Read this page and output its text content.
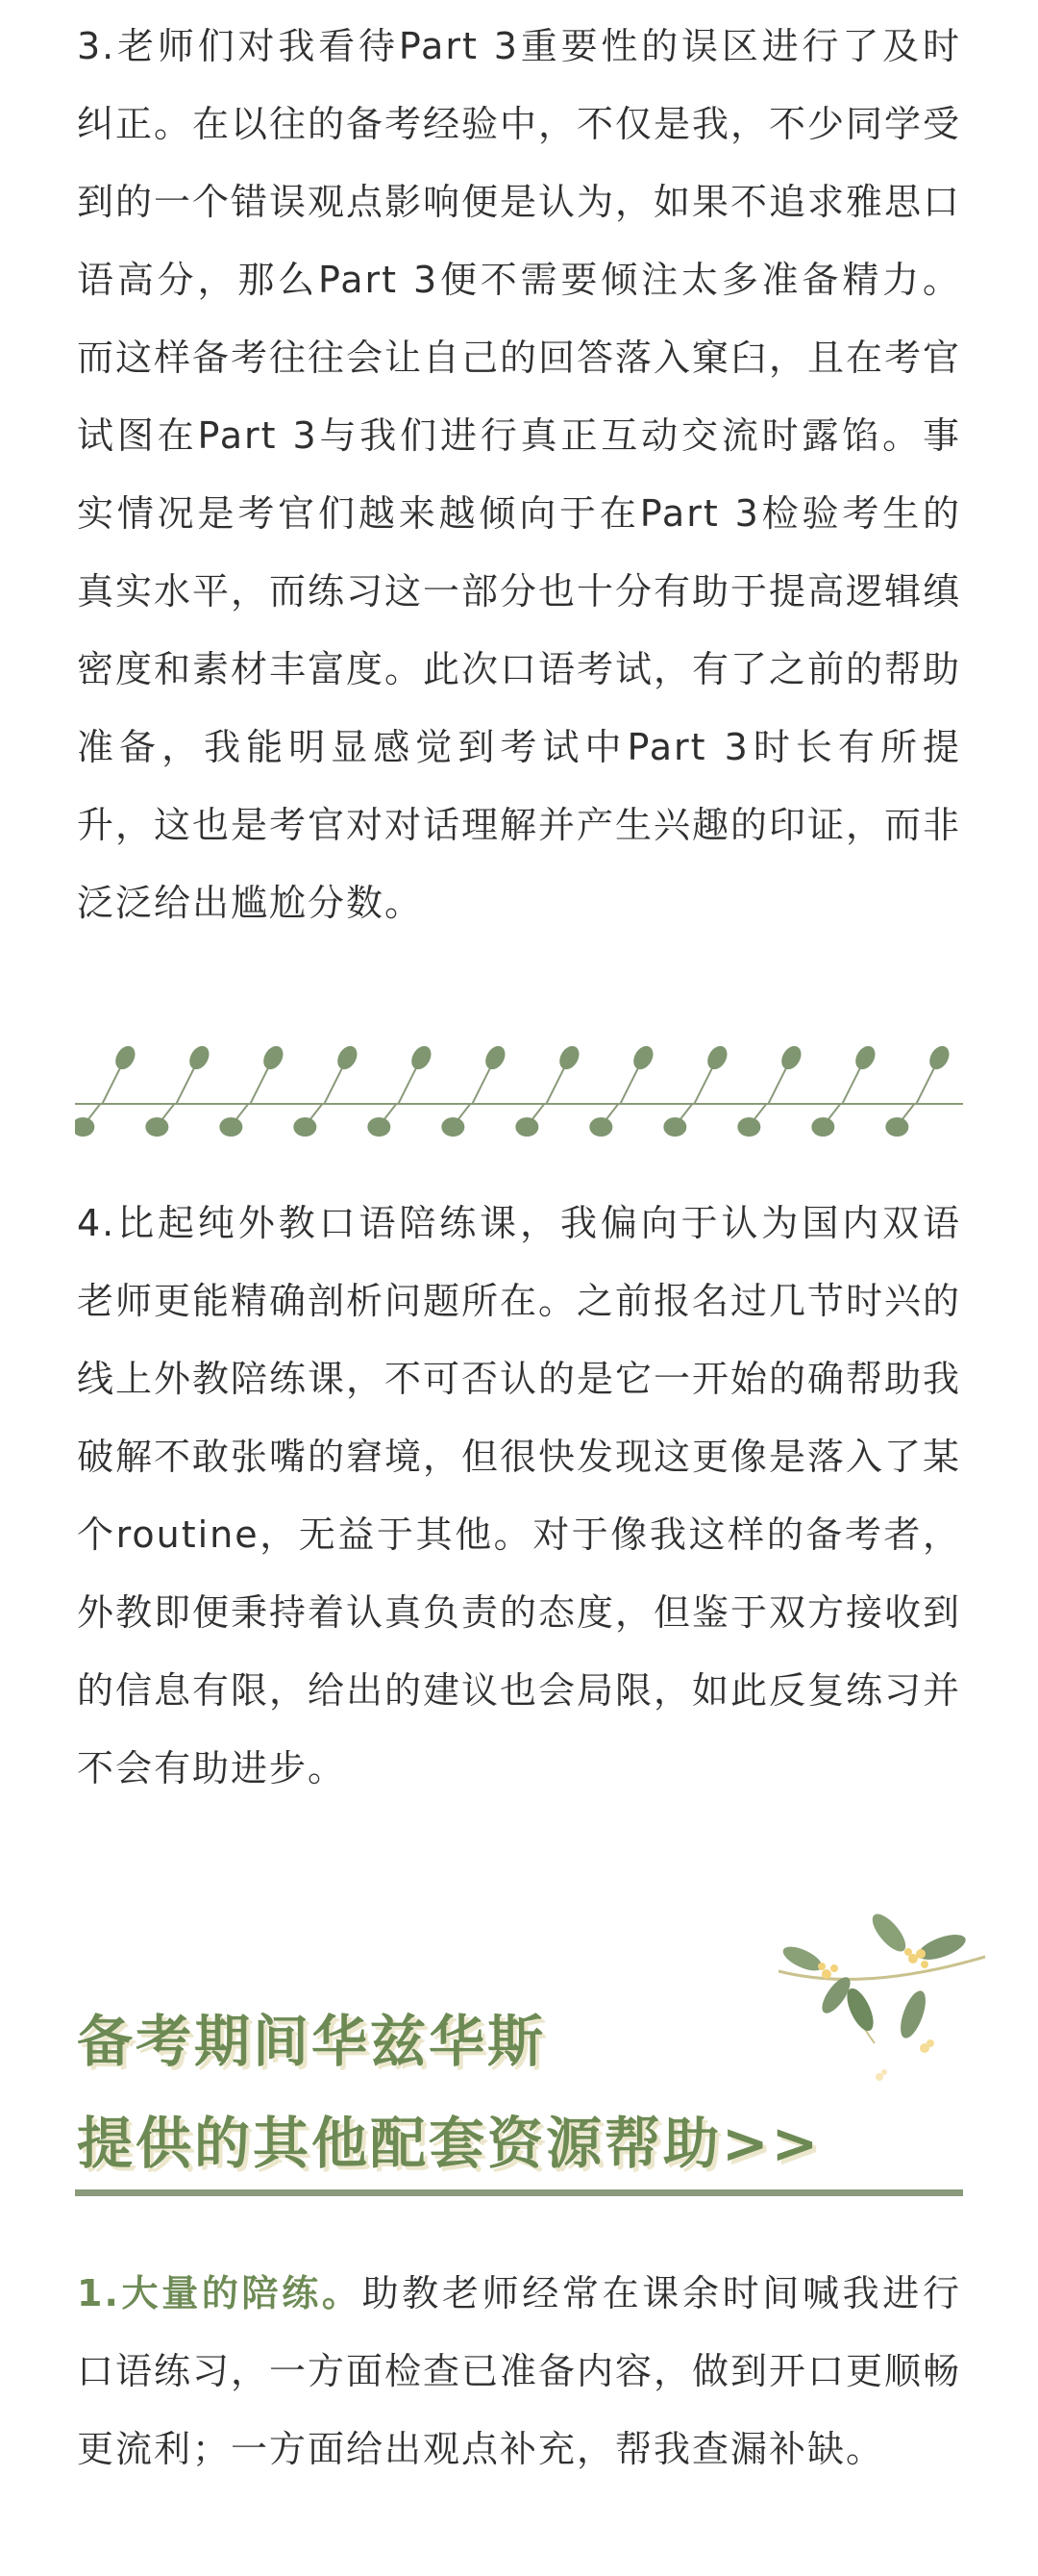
3.老师们对我看待Part 3重要性的误区进行了及时纠正。在以往的备考经验中，不仅是我，不少同学受到的一个错误观点影响便是认为，如果不追求雅思口语高分，那么Part 3便不需要倾注太多准备精力。而这样备考往往会让自己的回答落入窠臼，且在考官试图在Part 3与我们进行真正互动交流时露馅。事实情况是考官们越来越倾向于在Part 3检验考生的真实水平，而练习这一部分也十分有助于提高逻辑缜密度和素材丰富度。此次口语考试，有了之前的帮助准备，我能明显感觉到考试中Part 3时长有所提升，这也是考官对对话理解并产生兴趣的印证，而非泛泛给出尴尬分数。

4.比起纯外教口语陪练课，我偏向于认为国内双语老师更能精确剖析问题所在。之前报名过几节时兴的线上外教陪练课，不可否认的是它一开始的确帮助我破解不敢张嘴的窘境，但很快发现这更像是落入了某个routine，无益于其他。对于像我这样的备考者，外教即便秉持着认真负责的态度，但鉴于双方接收到的信息有限，给出的建议也会局限，如此反复练习并不会有助进步。

备考期间华兹华斯
提供的其他配套资源帮助>>

1.大量的陪练。助教老师经常在课余时间喊我进行口语练习，一方面检查已准备内容，做到开口更顺畅更流利；一方面给出观点补充，帮我查漏补缺。
